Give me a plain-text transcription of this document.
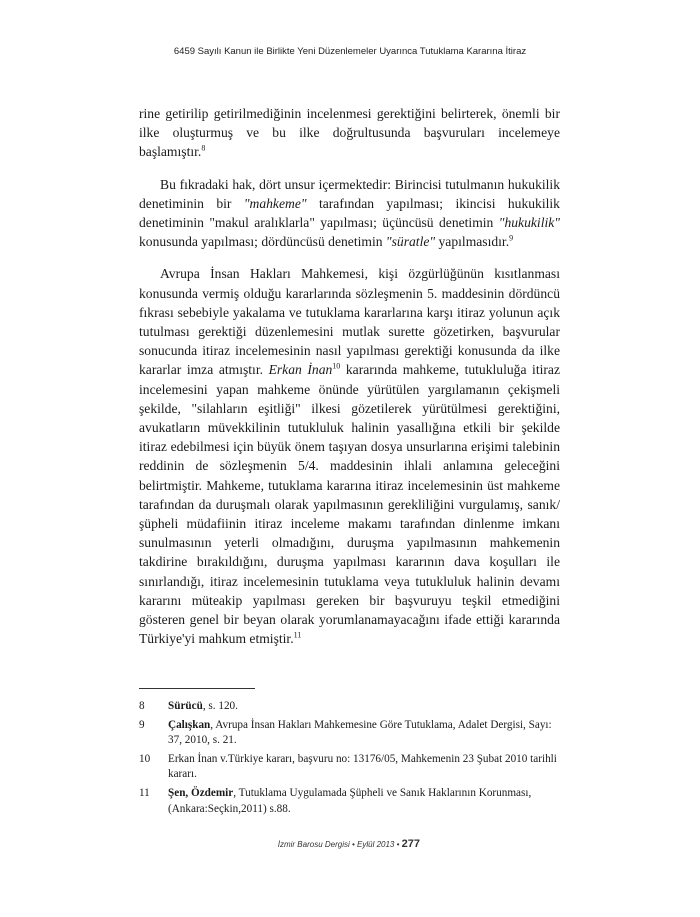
6459 Sayılı Kanun ile Birlikte Yeni Düzenlemeler Uyarınca Tutuklama Kararına İtiraz

rine getirilip getirilmediğinin incelenmesi gerektiğini belirterek, önemli bir ilke oluşturmuş ve bu ilke doğrultusunda başvuruları incelemeye başlamıştır.$^8$

Bu fıkradaki hak, dört unsur içermektedir: Birincisi tutulmanın hukukilik denetiminin bir "mahkeme" tarafından yapılması; ikincisi hukukilik denetiminin "makul aralıklarla" yapılması; üçüncüsü denetimin "hukukilik" konusunda yapılması; dördüncüsü denetimin "süratle" yapılmasıdır.$^9$

Avrupa İnsan Hakları Mahkemesi, kişi özgürlüğünün kısıtlanması konusunda vermiş olduğu kararlarında sözleşmenin 5. maddesinin dördüncü fıkrası sebebiyle yakalama ve tutuklama kararlarına karşı itiraz yolunun açık tutulması gerektiği düzenlemesini mutlak surette gözetirken, başvurular sonucunda itiraz incelemesinin nasıl yapılması gerektiği konusunda da ilke kararlar imza atmıştır. Erkan İnan$^{10}$ kararında mahkeme, tutukluluğa itiraz incelemesini yapan mahkeme önünde yürütülen yargılamanın çekişmeli şekilde, "silahların eşitliği" ilkesi gözetilerek yürütülmesi gerektiğini, avukatların müvekkilinin tutukluluk halinin yasallığına etkili bir şekilde itiraz edebilmesi için büyük önem taşıyan dosya unsurlarına erişimi talebinin reddinin de sözleşmenin 5/4. maddesinin ihlali anlamına geleceğini belirtmiştir. Mahkeme, tutuklama kararına itiraz incelemesinin üst mahkeme tarafından da duruşmalı olarak yapılmasının gerekliliğini vurgulamış, sanık/şüpheli müdafiinin itiraz inceleme makamı tarafından dinlenme imkanı sunulmasının yeterli olmadığını, duruşma yapılmasının mahkemenin takdirine bırakıldığını, duruşma yapılması kararının dava koşulları ile sınırlandığı, itiraz incelemesinin tutuklama veya tutukluluk halinin devamı kararını müteakip yapılması gereken bir başvuruyu teşkil etmediğini gösteren genel bir beyan olarak yorumlanamayacağını ifade ettiği kararında Türkiye'yi mahkum etmiştir.$^{11}$

8	Sürücü, s. 120.
9	Çalışkan, Avrupa İnsan Hakları Mahkemesine Göre Tutuklama, Adalet Dergisi, Sayı: 37, 2010, s. 21.
10	Erkan İnan v.Türkiye kararı, başvuru no: 13176/05, Mahkemenin 23 Şubat 2010 tarihli kararı.
11	Şen, Özdemir, Tutuklama Uygulamada Şüpheli ve Sanık Haklarının Korunması, (Ankara:Seçkin,2011) s.88.
İzmir Barosu Dergisi • Eylül 2013 • 277
